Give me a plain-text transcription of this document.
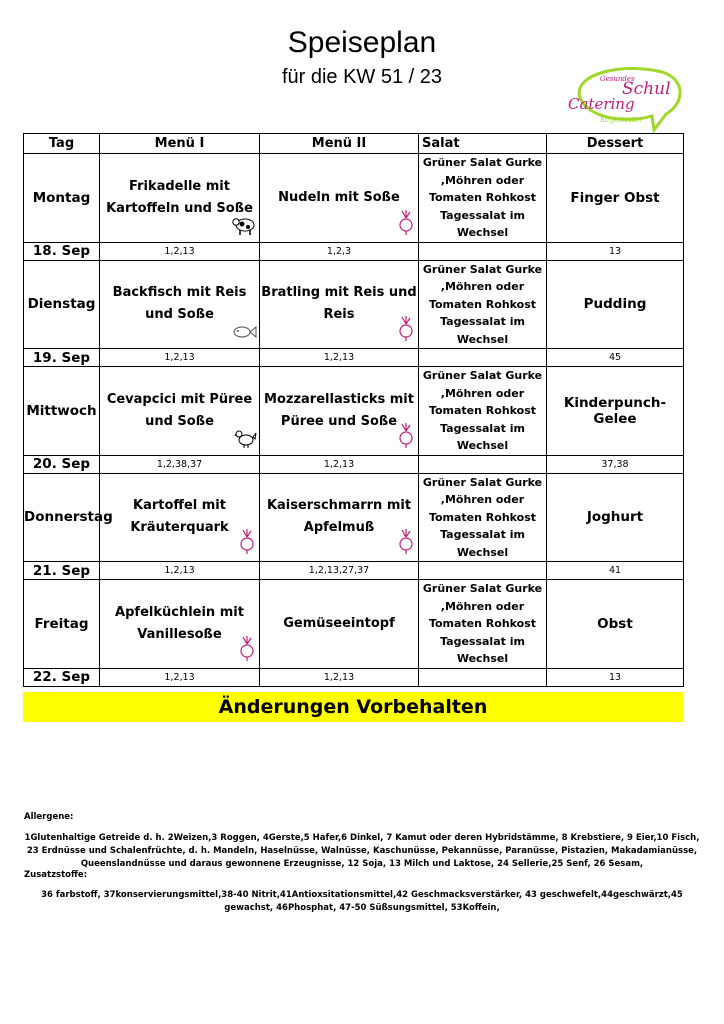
Speiseplan
für die KW 51 / 23	Gesundes
Schul
Catering
Birgit Müller
Tag	Menü I	Menü II	Salat	Dessert
Montag	Frikadelle mit Kartoffeln und Soße	Nudeln mit Soße	Grüner Salat Gurke ,Möhren oder Tomaten Rohkost Tagessalat im Wechsel	Finger Obst
18. Sep	1,2,13	1,2,3		13
Dienstag	Backfisch mit Reis und Soße	Bratling mit Reis und Reis	Grüner Salat Gurke ,Möhren oder Tomaten Rohkost Tagessalat im Wechsel	Pudding
19. Sep	1,2,13	1,2,13		45
Mittwoch	Cevapcici mit Püree und Soße	Mozzarellasticks mit Püree und Soße	Grüner Salat Gurke ,Möhren oder Tomaten Rohkost Tagessalat im Wechsel	Kinderpunch-Gelee
20. Sep	1,2,38,37	1,2,13		37,38
Donnerstag	Kartoffel mit Kräuterquark	Kaiserschmarrn mit Apfelmuß	Grüner Salat Gurke ,Möhren oder Tomaten Rohkost Tagessalat im Wechsel	Joghurt
21. Sep	1,2,13	1,2,13,27,37		41
Freitag	Apfelküchlein mit Vanillesoße	Gemüseeintopf	Grüner Salat Gurke ,Möhren oder Tomaten Rohkost Tagessalat im Wechsel	Obst
22. Sep	1,2,13	1,2,13		13
Änderungen Vorbehalten
Allergene:
1Glutenhaltige Getreide d. h. 2Weizen,3 Roggen, 4Gerste,5 Hafer,6 Dinkel, 7 Kamut oder deren Hybridstämme, 8 Krebstiere, 9 Eier,10 Fisch, 23 Erdnüsse und Schalenfrüchte, d. h. Mandeln, Haselnüsse, Walnüsse, Kaschunüsse, Pekannüsse, Paranüsse, Pistazien, Makadamianüsse, Queenslandnüsse und daraus gewonnene Erzeugnisse, 12 Soja, 13 Milch und Laktose, 24 Sellerie,25 Senf, 26 Sesam,
Zusatzstoffe:
36 farbstoff, 37konservierungsmittel,38-40 Nitrit,41Antioxsitationsmittel,42 Geschmacksverstärker, 43 geschwefelt,44geschwärzt,45 gewachst, 46Phosphat, 47-50 Süßsungsmittel, 53Koffein,
